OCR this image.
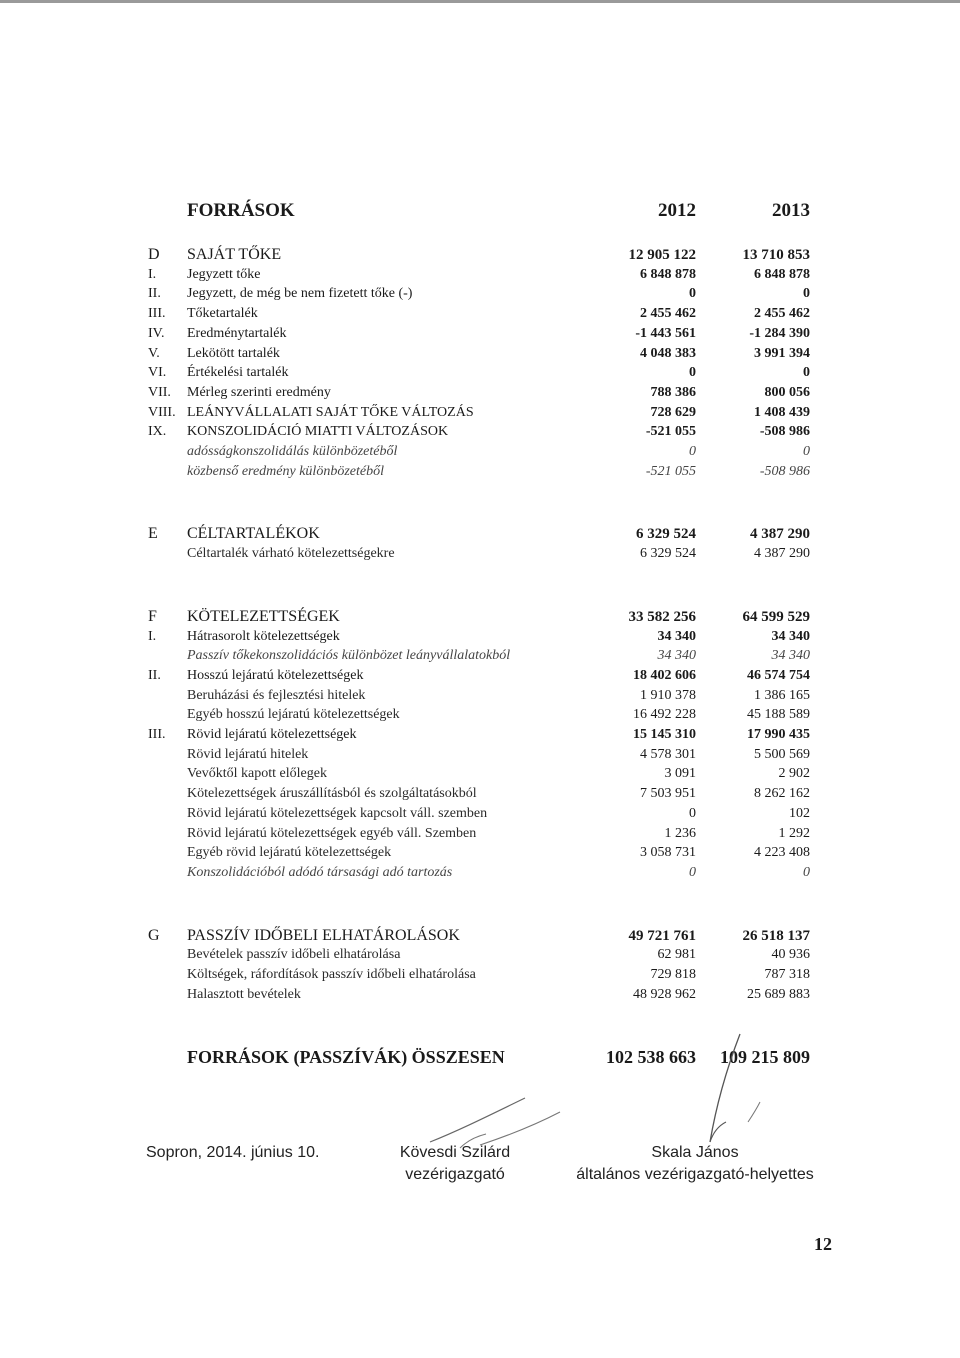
FORRÁSOK	2012	2013
D	SAJÁT TŐKE	12 905 122	13 710 853
I.	Jegyzett tőke	6 848 878	6 848 878
II.	Jegyzett, de még be nem fizetett tőke (-)	0	0
III.	Tőketartalék	2 455 462	2 455 462
IV.	Eredménytartalék	-1 443 561	-1 284 390
V.	Lekötött tartalék	4 048 383	3 991 394
VI.	Értékelési tartalék	0	0
VII.	Mérleg szerinti eredmény	788 386	800 056
VIII. LEÁNYVÁLLALATI SAJÁT TŐKE VÁLTOZÁS	728 629	1 408 439
IX.	KONSZOLIDÁCIÓ MIATTI VÁLTOZÁSOK	-521 055	-508 986
adósságkonszolidálás különbözetéből	0	0
közbenső eredmény különbözetéből	-521 055	-508 986
E	CÉLTARTALÉKOK	6 329 524	4 387 290
Céltartalék várható kötelezettségekre	6 329 524	4 387 290
F	KÖTELEZETTSÉGEK	33 582 256	64 599 529
I.	Hátrasorolt kötelezettségek	34 340	34 340
Passzív tőkekonszolidációs különbözet leányvállalatokból	34 340	34 340
II.	Hosszú lejáratú kötelezettségek	18 402 606	46 574 754
Beruházási és fejlesztési hitelek	1 910 378	1 386 165
Egyéb hosszú lejáratú kötelezettségek	16 492 228	45 188 589
III.	Rövid lejáratú kötelezettségek	15 145 310	17 990 435
Rövid lejáratú hitelek	4 578 301	5 500 569
Vevőktől kapott előlegek	3 091	2 902
Kötelezettségek áruszállításból és szolgáltatásokból	7 503 951	8 262 162
Rövid lejáratú kötelezettségek kapcsolt váll. szemben	0	102
Rövid lejáratú kötelezettségek egyéb váll. Szemben	1 236	1 292
Egyéb rövid lejáratú kötelezettségek	3 058 731	4 223 408
Konszolidációból adódó társasági adó tartozás	0	0
G	PASSZÍV IDŐBELI ELHATÁROLÁSOK	49 721 761	26 518 137
Bevételek passzív időbeli elhatárolása	62 981	40 936
Költségek, ráfordítások passzív időbeli elhatárolása	729 818	787 318
Halasztott bevételek	48 928 962	25 689 883
FORRÁSOK (PASSZÍVÁK) ÖSSZESEN	102 538 663	109 215 809
Sopron, 2014. június 10.	Kövesdi Szilárd
vezérigazgató
Skala János
általános vezérigazgató-helyettes
12
